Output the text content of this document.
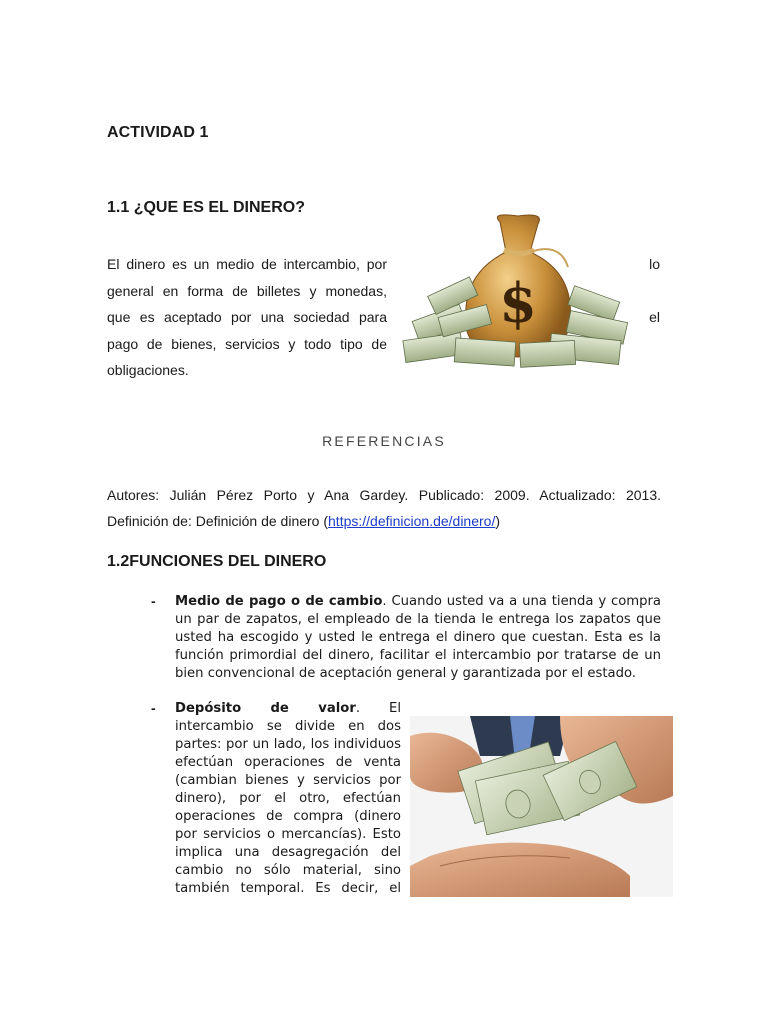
ACTIVIDAD 1
1.1 ¿QUE ES EL DINERO?
El dinero es un medio de intercambio, por	lo
general en forma de billetes y monedas,
que es aceptado por una sociedad para	el
pago de bienes, servicios y todo tipo de
obligaciones.
$
REFERENCIAS
Autores: Julián Pérez Porto y Ana Gardey. Publicado: 2009. Actualizado: 2013.
Definición de: Definición de dinero (https://definicion.de/dinero/)
1.2FUNCIONES DEL DINERO
- Medio de pago o de cambio. Cuando usted va a una tienda y compra
un par de zapatos, el empleado de la tienda le entrega los zapatos que
usted ha escogido y usted le entrega el dinero que cuestan. Esta es la
función primordial del dinero, facilitar el intercambio por tratarse de un
bien convencional de aceptación general y garantizada por el estado.
- Depósito de valor. El
intercambio se divide en dos
partes: por un lado, los individuos
efectúan operaciones de venta
(cambian bienes y servicios por
dinero), por el otro, efectúan
operaciones de compra (dinero
por servicios o mercancías). Esto
implica una desagregación del
cambio no sólo material, sino
también temporal. Es decir, el
